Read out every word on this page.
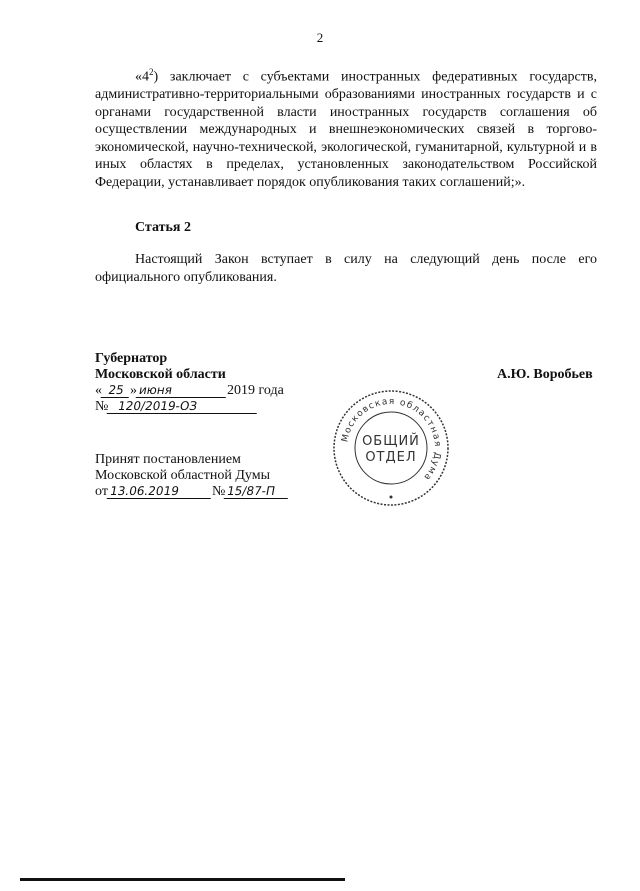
2

«$4^2$) заключает с субъектами иностранных федеративных государств, административно-территориальными образованиями иностранных государств и с органами государственной власти иностранных государств соглашения об осуществлении международных и внешнеэкономических связей в торгово-экономической, научно-технической, экологической, гуманитарной, культурной и в иных областях в пределах, установленных законодательством Российской Федерации, устанавливает порядок опубликования таких соглашений;».

Статья 2

Настоящий Закон вступает в силу на следующий день после его официального опубликования.

Губернатор
Московской области
« 25 »июня	2019 года
№ 120/2019-ОЗ
А.Ю. Воробьев
Московская областная Дума
ОБЩИЙ
ОТДЕЛ
Принят постановлением
Московской областной Думы
от13.06.2019 №15/87-П
